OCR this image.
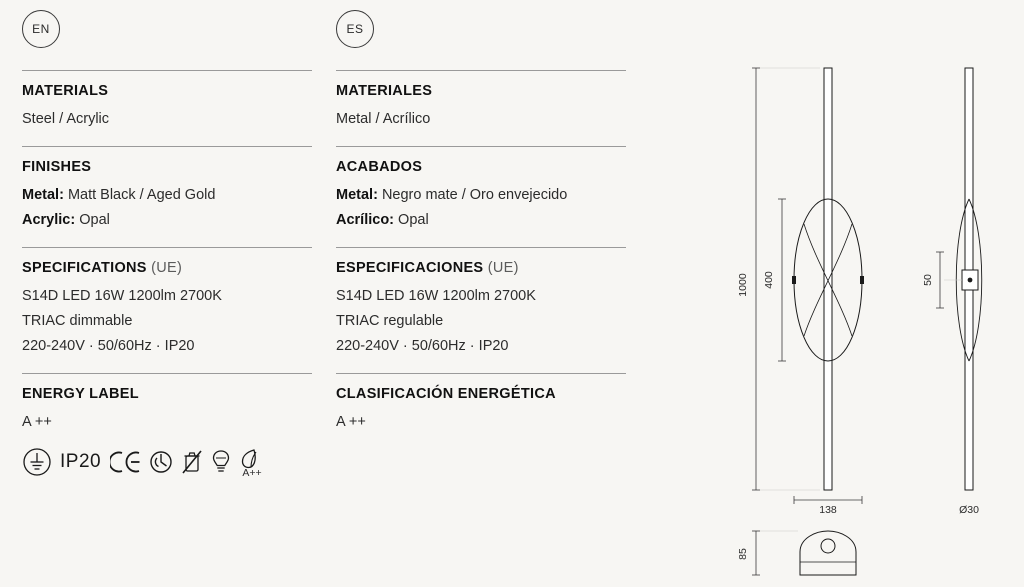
EN
MATERIALS
Steel / Acrylic
FINISHES
Metal: Matt Black / Aged Gold
Acrylic: Opal
SPECIFICATIONS (UE)
S14D LED 16W 1200lm 2700K
TRIAC dimmable
220-240V · 50/60Hz · IP20
ENERGY LABEL
A ++
IP20
A++
ES
MATERIALES
Metal / Acrílico
ACABADOS
Metal: Negro mate / Oro envejecido
Acrílico: Opal
ESPECIFICACIONES (UE)
S14D LED 16W 1200lm 2700K
TRIAC regulable
220-240V · 50/60Hz · IP20
CLASIFICACIÓN ENERGÉTICA
A ++
1000 400
138
50
Ø30
85
